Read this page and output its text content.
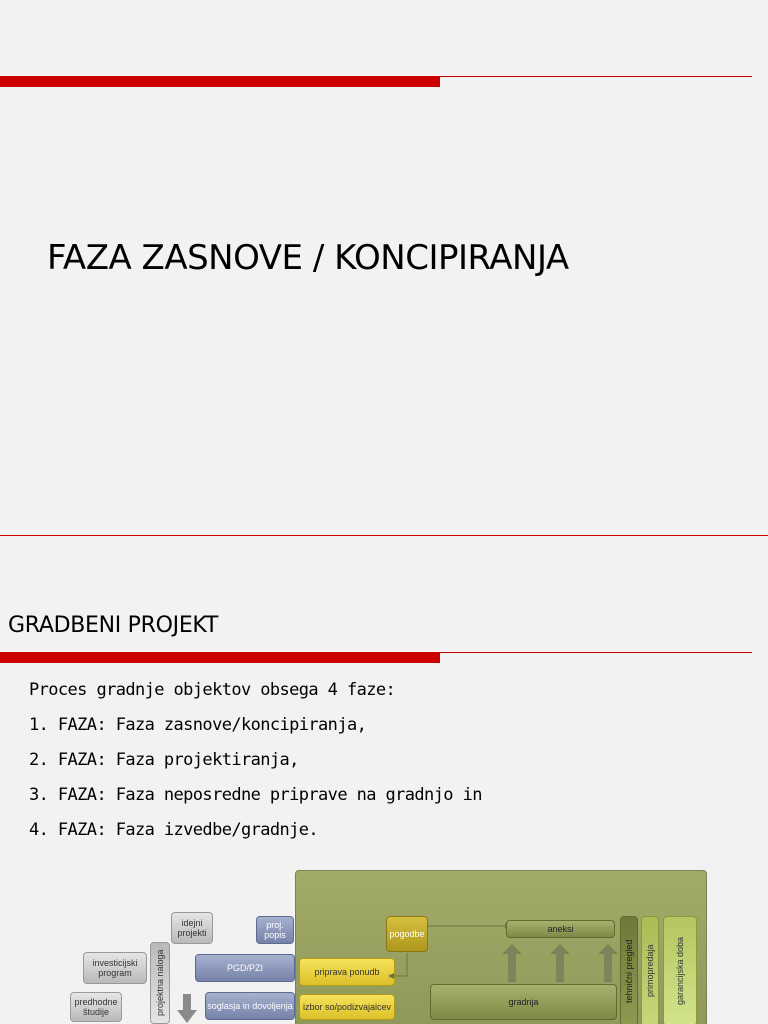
FAZA ZASNOVE / KONCIPIRANJA
GRADBENI PROJEKT
Proces gradnje objektov obsega 4 faze:
1. FAZA: Faza zasnove/koncipiranja,
2. FAZA: Faza projektiranja,
3. FAZA: Faza neposredne priprave na gradnjo in
4. FAZA: Faza izvedbe/gradnje.
idejni projekti
investicijski program
predhodne študije	projektna naloga
proj. popis
PGD/PZI
soglasja in dovoljenja
priprava ponudb
izbor so/podizvajalcev
pogodbe	aneksi
gradnja	tehnični pregled	primopredaja	garancijska doba
